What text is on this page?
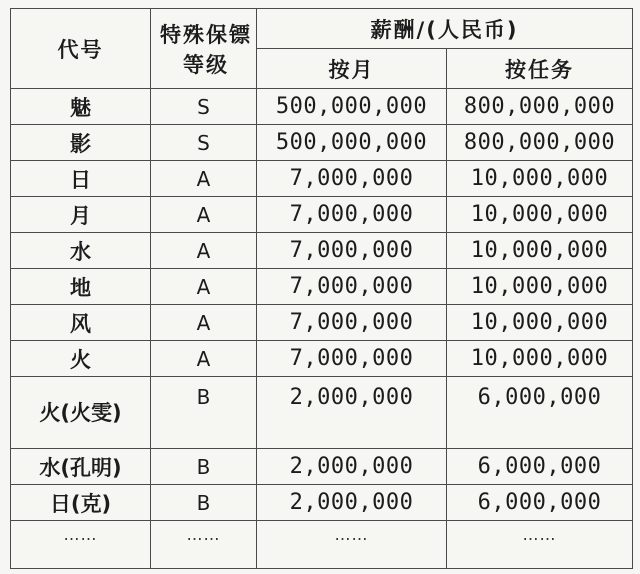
代号	特殊保镖等级	薪酬/(人民币)	
		按月	按任务
魅	S	500,000,000	800,000,000
影	S	500,000,000	800,000,000
日	A	7,000,000	10,000,000
月	A	7,000,000	10,000,000
水	A	7,000,000	10,000,000
地	A	7,000,000	10,000,000
风	A	7,000,000	10,000,000
火	A	7,000,000	10,000,000
火(火雯)	B	2,000,000	6,000,000
水(孔明)	B	2,000,000	6,000,000
日(克)	B	2,000,000	6,000,000
……	……	……	……
